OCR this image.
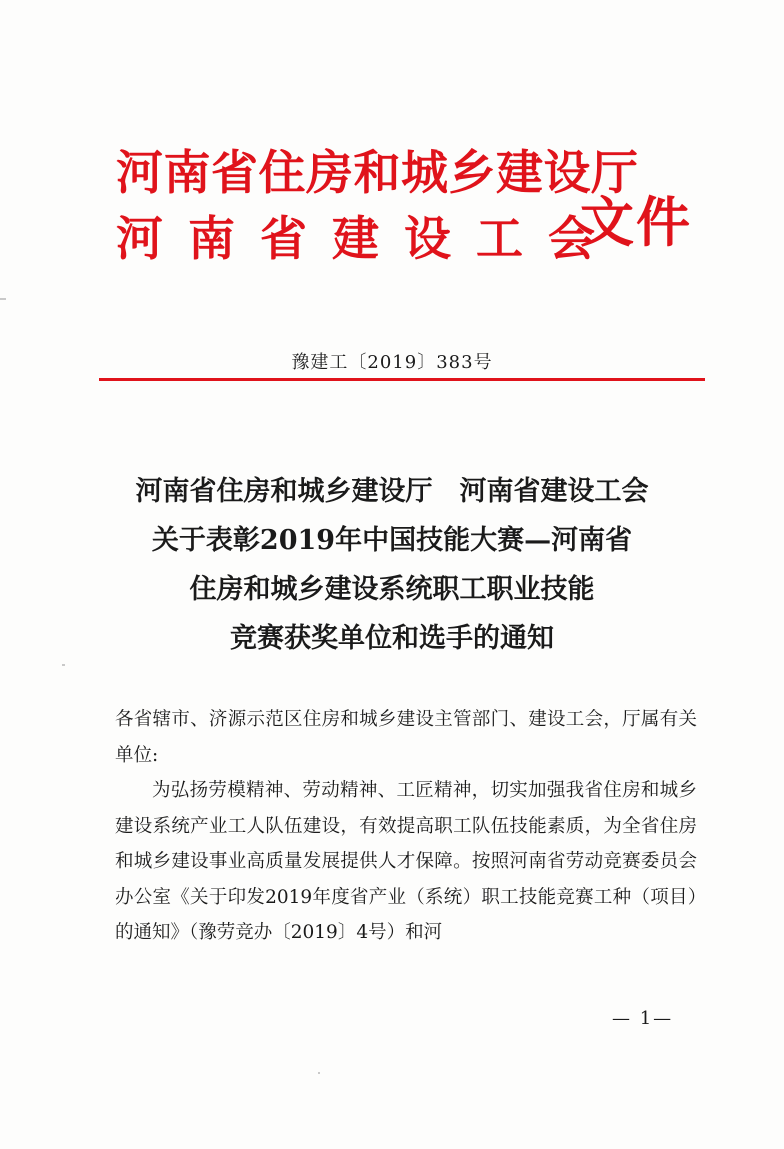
河南省住房和城乡建设厅
河南省建设工会
文件
豫建工〔2019〕383号
河南省住房和城乡建设厅　河南省建设工会
关于表彰2019年中国技能大赛—河南省
住房和城乡建设系统职工职业技能
竞赛获奖单位和选手的通知

各省辖市、济源示范区住房和城乡建设主管部门、建设工会，厅属有关单位:

为弘扬劳模精神、劳动精神、工匠精神，切实加强我省住房和城乡建设系统产业工人队伍建设，有效提高职工队伍技能素质，为全省住房和城乡建设事业高质量发展提供人才保障。按照河南省劳动竞赛委员会办公室《关于印发2019年度省产业（系统）职工技能竞赛工种（项目）的通知》（豫劳竞办〔2019〕4号）和河

— 1—
